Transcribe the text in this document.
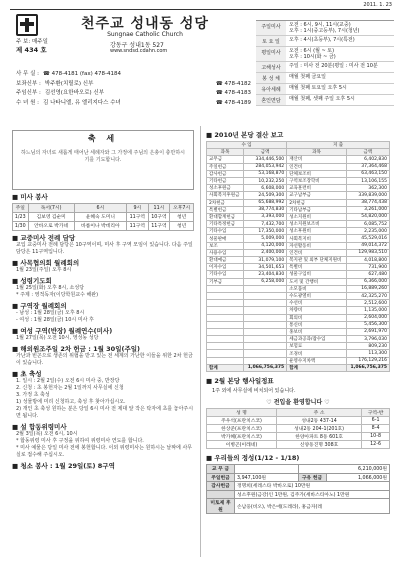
2011. 1. 23
천주교 성내동 성당
Sungnae Catholic Church
강동구 성내1동 527
www.sndsd.cdahn.com
주 보: 매주일
제 434 호
사 무 실 : ☎ 478-4181 (fax) 478-4184
보좌신부 : 박주환(치릴로) 신부	☎ 478-4182
주임신부 : 김선영(요한바오로) 신부	☎ 478-4183
수 녀 원 : 김 나타니엘, 유 엘리지다스 수녀	☎ 478-4189
주일미사	오전 : 6시, 9시, 11시(교중)
오후 : 1시(중고등부), 7시(청년)
토 요 일	오후 : 4시(초등부), 7시(특전)
평일미사	오전 : 6시 (월 ~ 토)
오후 : 10시(화 ~ 금)
고해성사	주일 : 미사 전 20분(평일 : 미사 전 10분
봉 성 체	매월 첫째 금요일
유아세례	매월 첫째 토요일 오후 5시
혼인면담	매월 첫째, 셋째 주일 오후 5시
축 세
하느님의 자녀로 새롭게 태어난 세례자와 그 가정에 주님의 은총이 충만하시기를 기도합니다.
■ 미사 봉사
주일	독서(7시)	6시	9시	11시	오후7시
1/23	김보영 김순미	윤혜숙 도미니	11구역	10구역	청년
1/30	안바오로 박가네	바룸이나 박데리아	11구역	11구역	청년
■ 교중미사 전례 담당
교입 교중미사 전례 담당은 10구역이며, 미사 후 구역 모임이 있습니다. 다음 주일 담당은 11구역입니다.
■ 사목협의회 월례회의
1월 23일(주일) 오후 8시
■ 성령기도회
1월 25일(화) 오후 8시, 소성당
* 주제 : 영적독자(이당학원교수 해완)
■ 구역장 월례회의
- 남성 : 1월 28일(금) 오후 8시
- 여성 : 1월 28일(금) 10시 미사 후
■ 여성 구역(반장) 월례연수(미사)
1월 27일(목) 오전 10시, 영성동 성당
■ 해외원조주일 2차 헌금 : 1월 30일(주일)
가난과 빈곤으로 생존의 위협을 받고 있는 전 세계의 가난한 이들을 위한 2차 헌금이 있습니다.
■ 초 축성
1. 일시 : 2월 2일(수) 오전 6시 미사 중, 반장당
2. 신청 : 초 봉헌자는 2월 1일까지 사무실에 신청
3. 가정 초 축성
1) 성물방에 미리 신청하고, 축성 후 찾아가십시오.
2) 개인 초 축성 원하는 분은 당일 6시 미사 전 제대 앞 작은 탁자에 초를 놓아주시면 됩니다.
■ 설 합동위령미사
2월 3일(목) 오전 6시, 10시
* 합동위령 미사 후 구정을 위하여 위령미사 연도를 합니다.
* 미사 예물은 당일 미사 전에 봉헌합니다. 이외 위령미사는 원하시는 날짜에 사무실로 접수해 주십시오.
■ 청소 봉사 : 1월 29일(토) 8구역
■ 2010년 본당 결산 보고
수 입		지 출	
과목	금액	과목	금액
교무금	334,446,500	재산비	6,402,830
주일헌금	284,053,942	인건비	37,364,468
감사헌금	53,168,870	단체보조비	63,463,150
기타헌금	10,232,250	구역보조장학비	13,106,155
성소후원금	6,608,000	교육훈련비	362,300
사회복지후원금	24,509,300	교구납부금	339,839,000
2차헌금	65,688,992	2차헌금	38,774,438
특별헌금	38,774,830	기타납부금	3,261,000
환대합계헌금	3,393,000	성소지원비	54,820,000
기타특정헌금	7,432,700	성소지원보조비	6,085,752
기타수입	17,350,000	성소후원비	2,235,000
성물판매	5,009,000	사회복지비	45,529,016
보조	4,120,000	자선활동비	49,014,372
사용수입	2,400,000	인건비	129,983,510
환대예금	31,079,100	복지관 및 외부 단체지원비	4,018,800
이자수입	34,501,653	특별비	731,900
기타수입	23,404,830	성물구입비	627,480
기부금	6,258,000	도서 및 간행비	6,366,000
		소모품비	16,889,260
		수도광열비	42,325,270
		수선비	2,512,600
		차량비	1,135,000
		회의비	2,604,000
		통신비	5,456,300
		홍보비	2,691,970
		세금과공과/잡수입	3,796,030
		보험료	809,230
		조경비	113,300
		운영수지차액	176,129,216
합계	1,066,756,375	합계	1,066,756,375
■ 2월 본당 행사일정표
1주 외에 사무실에 비치되어 있습니다.
♡ 전입을 환영합니다 ♡
성 명	주 소	구역-반
주우석(프란치스코)	성내2동 437-14	6-1
한상준(프란치스코)	성내2동 204-1(201호)	8-4
박가혜(프란치스코)	한양아파트 8동 601호	10-8
이병곤(이레네)	신양동진명 308호	12-6
■ 우리들의 정성(1/12 - 1/18)
교 무 금		6,210,000원	
주일헌금	3,947,100원	구유 헌금	1,066,000원
감사헌금	정명희(세레스타 박바오로) 10만원		
	성소후원(금강)인 1만원, 김주가(세바스티아노) 1만원		
미토제 후원	손남웅(비오), 박은애(도레라), 홍금자(레		
